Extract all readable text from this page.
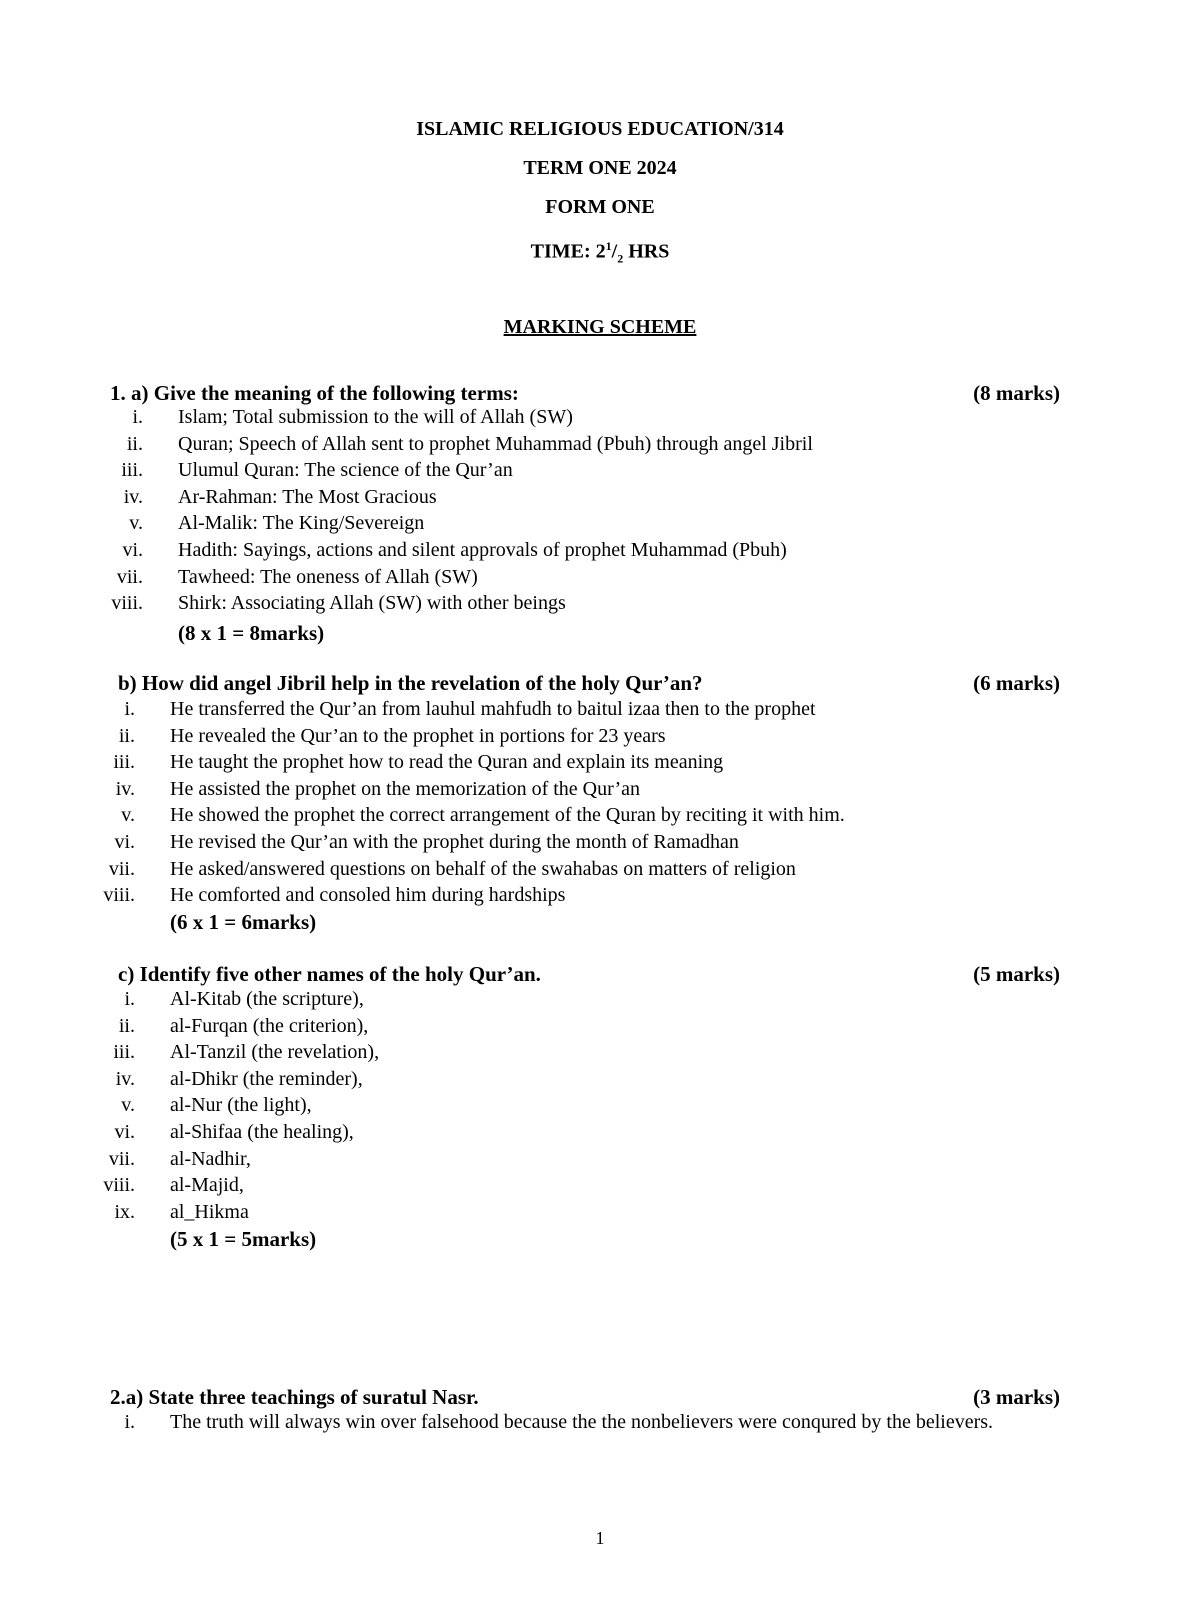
ISLAMIC RELIGIOUS EDUCATION/314
TERM ONE 2024
FORM ONE
TIME: $2^1/_2$ HRS
MARKING SCHEME
1. a) Give the meaning of the following terms:	(8 marks)
i. Islam; Total submission to the will of Allah (SW)
ii. Quran; Speech of Allah sent to prophet Muhammad (Pbuh) through angel Jibril
iii. Ulumul Quran: The science of the Qur’an
iv. Ar-Rahman: The Most Gracious
v. Al-Malik: The King/Severeign
vi. Hadith: Sayings, actions and silent approvals of prophet Muhammad (Pbuh)
vii. Tawheed: The oneness of Allah (SW)
viii. Shirk: Associating Allah (SW) with other beings
(8 x 1 = 8marks)
b) How did angel Jibril help in the revelation of the holy Qur’an?	(6 marks)
i. He transferred the Qur’an from lauhul mahfudh to baitul izaa then to the prophet
ii. He revealed the Qur’an to the prophet in portions for 23 years
iii. He taught the prophet how to read the Quran and explain its meaning
iv. He assisted the prophet on the memorization of the Qur’an
v. He showed the prophet the correct arrangement of the Quran by reciting it with him.
vi. He revised the Qur’an with the prophet during the month of Ramadhan
vii. He asked/answered questions on behalf of the swahabas on matters of religion
viii. He comforted and consoled him during hardships
(6 x 1 = 6marks)
c) Identify five other names of the holy Qur’an.	(5 marks)
i. Al-Kitab (the scripture),
ii. al-Furqan (the criterion),
iii. Al-Tanzil (the revelation),
iv. al-Dhikr (the reminder),
v. al-Nur (the light),
vi. al-Shifaa (the healing),
vii. al-Nadhir,
viii. al-Majid,
ix. al_Hikma
(5 x 1 = 5marks)
2.a) State three teachings of suratul Nasr.	(3 marks)
i. The truth will always win over falsehood because the the nonbelievers were conqured by the believers.
1
